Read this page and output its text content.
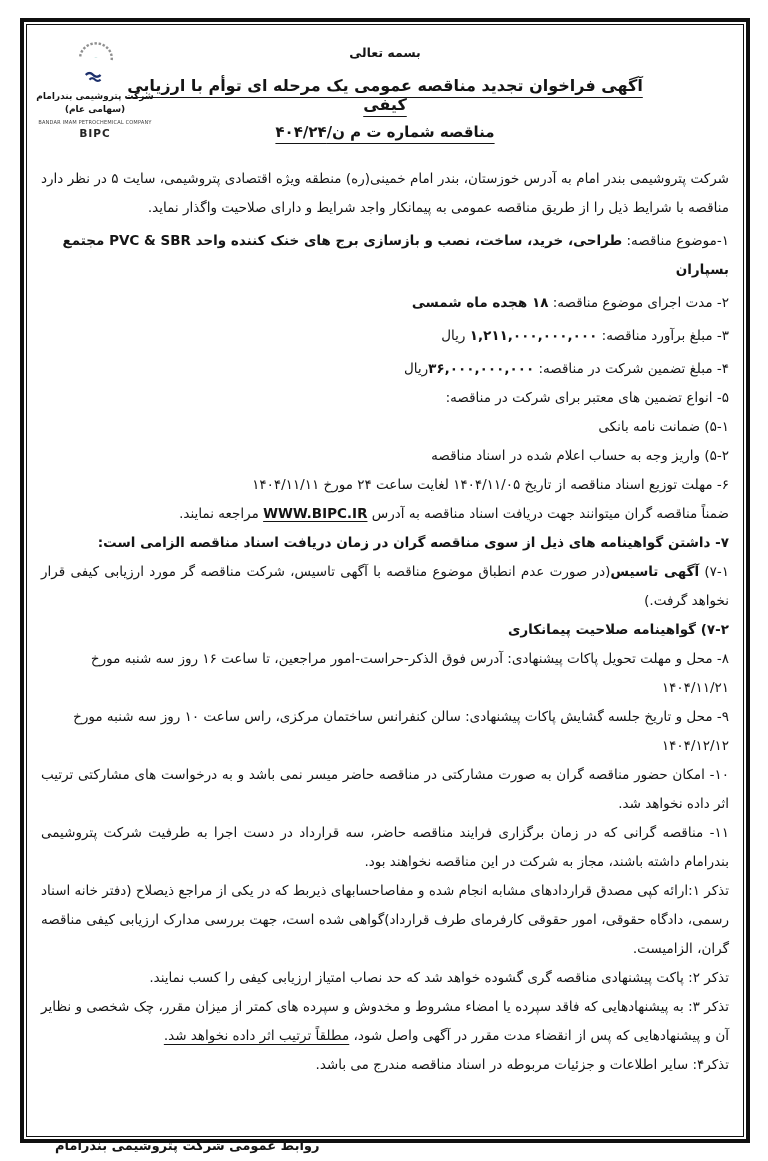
شرکت پتروشیمی بندرامام (سهامی عام)
BANDAR IMAM PETROCHEMICAL COMPANY
BIPC
بسمه تعالی
آگهی فراخوان تجدید مناقصه عمومی یک مرحله ای توأم با ارزیابی کیفی
مناقصه شماره ت م ن/۴۰۴/۲۴

شرکت پتروشیمی بندر امام به آدرس خوزستان، بندر امام خمینی(ره) منطقه ویژه اقتصادی پتروشیمی، سایت ۵ در نظر دارد مناقصه با شرایط ذیل را از طریق مناقصه عمومی به پیمانکار واجد شرایط و دارای صلاحیت واگذار نماید.

۱-موضوع مناقصه: طراحی، خرید، ساخت، نصب و بازسازی برج های خنک کننده واحد PVC & SBR مجتمع بسپاران

۲- مدت اجرای موضوع مناقصه: ۱۸ هجده ماه شمسی

۳- مبلغ برآورد مناقصه: ۱,۲۱۱,۰۰۰,۰۰۰,۰۰۰ ریال

۴- مبلغ تضمین شرکت در مناقصه: ۳۶,۰۰۰,۰۰۰,۰۰۰ریال

۵- انواع تضمین های معتبر برای شرکت در مناقصه:

۵-۱) ضمانت نامه بانکی

۵-۲) واریز وجه به حساب اعلام شده در اسناد مناقصه

۶- مهلت توزیع اسناد مناقصه از تاریخ ۱۴۰۴/۱۱/۰۵ لغایت ساعت ۲۴ مورخ ۱۴۰۴/۱۱/۱۱

ضمناً مناقصه گران میتوانند جهت دریافت اسناد مناقصه به آدرس WWW.BIPC.IR مراجعه نمایند.

۷- داشتن گواهینامه های ذیل از سوی مناقصه گران در زمان دریافت اسناد مناقصه الزامی است:

۷-۱) آگهی تاسیس(در صورت عدم انطباق موضوع مناقصه با آگهی تاسیس، شرکت مناقصه گر مورد ارزیابی کیفی قرار نخواهد گرفت.)

۷-۲) گواهینامه صلاحیت پیمانکاری

۸- محل و مهلت تحویل پاکات پیشنهادی: آدرس فوق الذکر-حراست-امور مراجعین، تا ساعت ۱۶ روز سه شنبه مورخ ۱۴۰۴/۱۱/۲۱

۹- محل و تاریخ جلسه گشایش پاکات پیشنهادی: سالن کنفرانس ساختمان مرکزی، راس ساعت ۱۰ روز سه شنبه مورخ ۱۴۰۴/۱۲/۱۲

۱۰- امکان حضور مناقصه گران به صورت مشارکتی در مناقصه حاضر میسر نمی باشد و به درخواست های مشارکتی ترتیب اثر داده نخواهد شد.

۱۱- مناقصه گرانی که در زمان برگزاری فرایند مناقصه حاضر، سه قرارداد در دست اجرا به طرفیت شرکت پتروشیمی بندرامام داشته باشند، مجاز به شرکت در این مناقصه نخواهند بود.

تذکر ۱:ارائه کپی مصدق قراردادهای مشابه انجام شده و مفاصاحسابهای ذیربط که در یکی از مراجع ذیصلاح (دفتر خانه اسناد رسمی، دادگاه حقوقی، امور حقوقی کارفرمای طرف قرارداد)گواهی شده است، جهت بررسی مدارک ارزیابی کیفی مناقصه گران، الزامیست.

تذکر ۲: پاکت پیشنهادی مناقصه گری گشوده خواهد شد که حد نصاب امتیاز ارزیابی کیفی را کسب نمایند.

تذکر ۳: به پیشنهادهایی که فاقد سپرده یا امضاء مشروط و مخدوش و سپرده های کمتر از میزان مقرر، چک شخصی و نظایر آن و پیشنهادهایی که پس از انقضاء مدت مقرر در آگهی واصل شود، مطلقاً ترتیب اثر داده نخواهد شد.

تذکر۴: سایر اطلاعات و جزئیات مربوطه در اسناد مناقصه مندرج می باشد.

روابط عمومی شرکت پتروشیمی بندرامام
